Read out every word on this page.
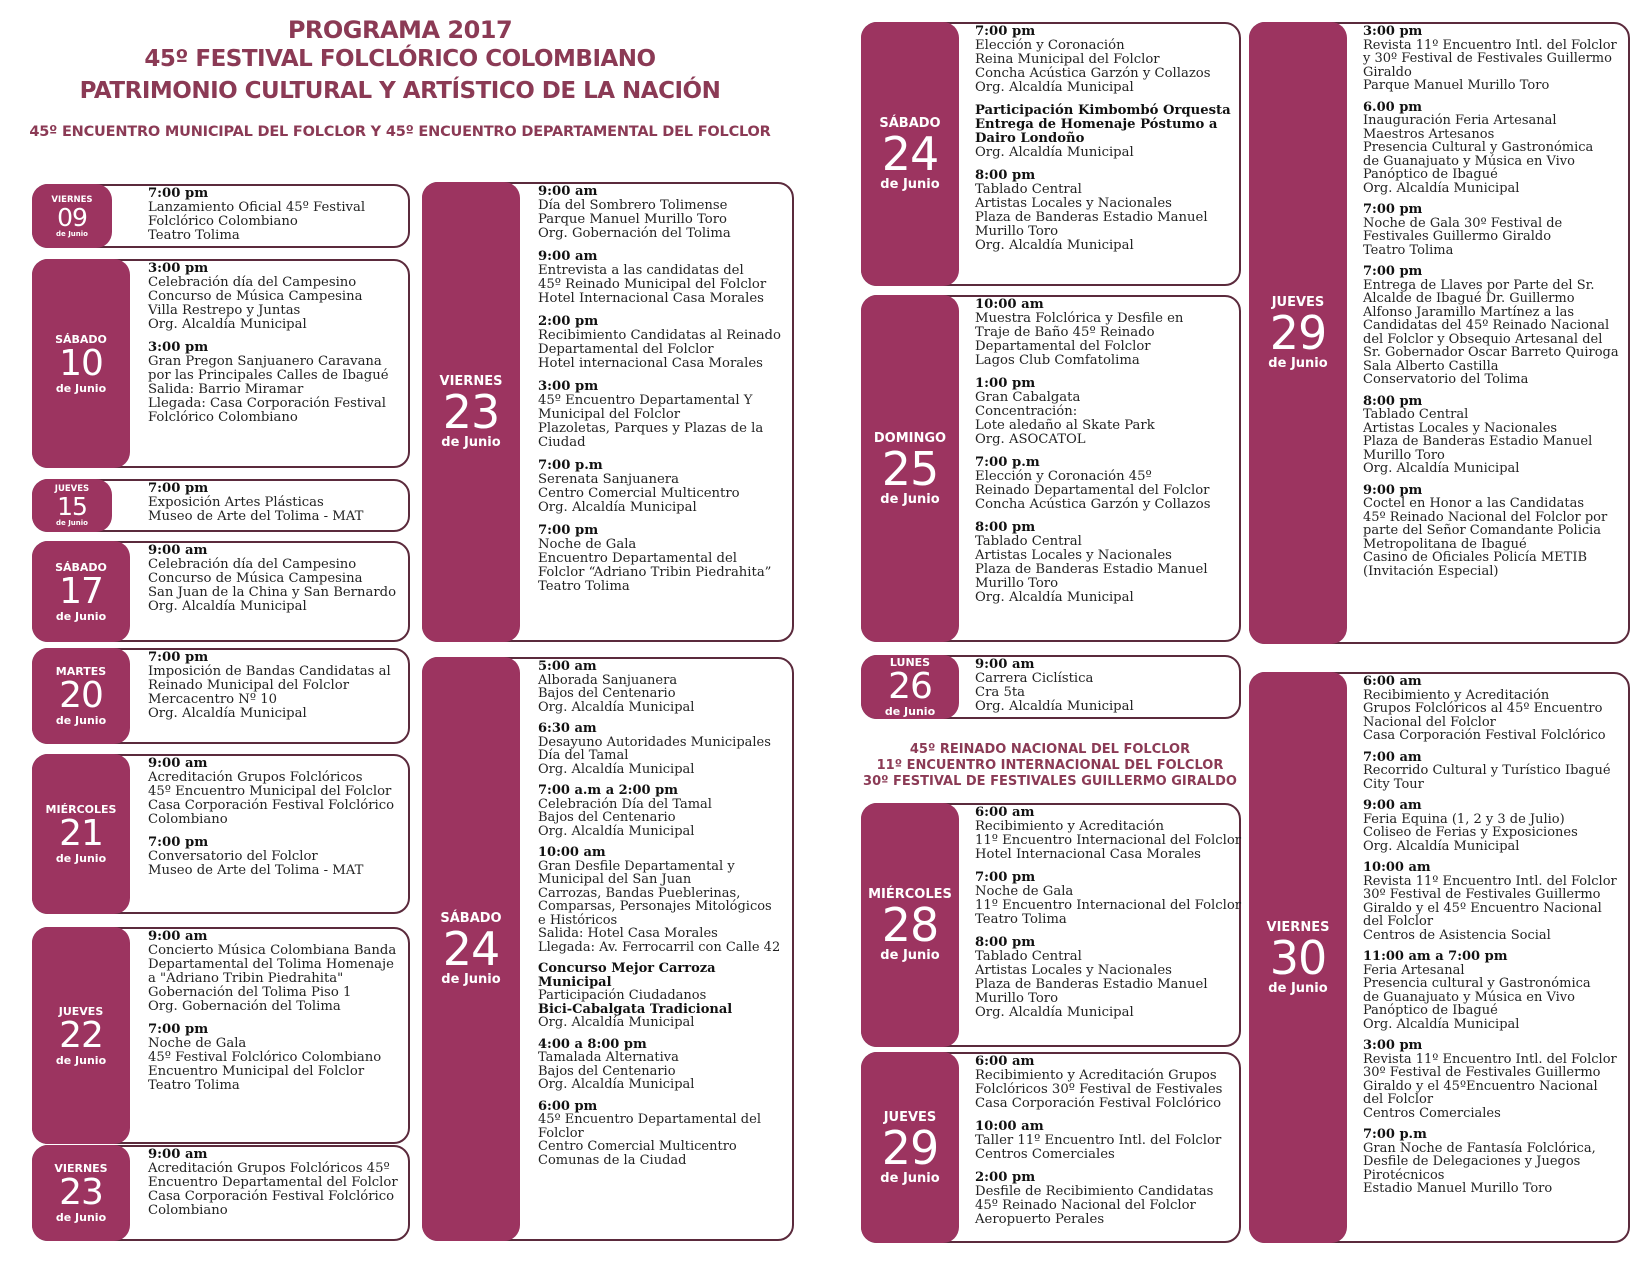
PROGRAMA 2017
45º FESTIVAL FOLCLÓRICO COLOMBIANO
PATRIMONIO CULTURAL Y ARTÍSTICO DE LA NACIÓN
45º ENCUENTRO MUNICIPAL DEL FOLCLOR Y 45º ENCUENTRO DEPARTAMENTAL DEL FOLCLOR
45º REINADO NACIONAL DEL FOLCLOR
11º ENCUENTRO INTERNACIONAL DEL FOLCLOR
30º FESTIVAL DE FESTIVALES GUILLERMO GIRALDO
VIERNES
09
de Junio
7:00 pm
Lanzamiento Oficial 45º Festival
Folclórico Colombiano
Teatro Tolima
SÁBADO
10
de Junio
3:00 pm
Celebración día del Campesino
Concurso de Música Campesina
Villa Restrepo y Juntas
Org. Alcaldía Municipal
3:00 pm
Gran Pregon Sanjuanero Caravana
por las Principales Calles de Ibagué
Salida: Barrio Miramar
Llegada: Casa Corporación Festival
Folclórico Colombiano
JUEVES
15
de Junio
7:00 pm
Exposición Artes Plásticas
Museo de Arte del Tolima - MAT
SÁBADO
17
de Junio
9:00 am
Celebración día del Campesino
Concurso de Música Campesina
San Juan de la China y San Bernardo
Org. Alcaldía Municipal
MARTES
20
de Junio
7:00 pm
Imposición de Bandas Candidatas al
Reinado Municipal del Folclor
Mercacentro Nº 10
Org. Alcaldía Municipal
MIÉRCOLES
21
de Junio
9:00 am
Acreditación Grupos Folclóricos
45º Encuentro Municipal del Folclor
Casa Corporación Festival Folclórico
Colombiano
7:00 pm
Conversatorio del Folclor
Museo de Arte del Tolima - MAT
JUEVES
22
de Junio
9:00 am
Concierto Música Colombiana Banda
Departamental del Tolima Homenaje
a "Adriano Tribin Piedrahita"
Gobernación del Tolima Piso 1
Org. Gobernación del Tolima
7:00 pm
Noche de Gala
45º Festival Folclórico Colombiano
Encuentro Municipal del Folclor
Teatro Tolima
VIERNES
23
de Junio
9:00 am
Acreditación Grupos Folclóricos 45º
Encuentro Departamental del Folclor
Casa Corporación Festival Folclórico
Colombiano
VIERNES
23
de Junio
9:00 am
Día del Sombrero Tolimense
Parque Manuel Murillo Toro
Org. Gobernación del Tolima
9:00 am
Entrevista a las candidatas del
45º Reinado Municipal del Folclor
Hotel Internacional Casa Morales
2:00 pm
Recibimiento Candidatas al Reinado
Departamental del Folclor
Hotel internacional Casa Morales
3:00 pm
45º Encuentro Departamental Y
Municipal del Folclor
Plazoletas, Parques y Plazas de la
Ciudad
7:00 p.m
Serenata Sanjuanera
Centro Comercial Multicentro
Org. Alcaldía Municipal
7:00 pm
Noche de Gala
Encuentro Departamental del
Folclor “Adriano Tribin Piedrahita”
Teatro Tolima
SÁBADO
24
de Junio
5:00 am
Alborada Sanjuanera
Bajos del Centenario
Org. Alcaldía Municipal
6:30 am
Desayuno Autoridades Municipales
Día del Tamal
Org. Alcaldía Municipal
7:00 a.m a 2:00 pm
Celebración Día del Tamal
Bajos del Centenario
Org. Alcaldía Municipal
10:00 am
Gran Desfile Departamental y
Municipal del San Juan
Carrozas, Bandas Pueblerinas,
Comparsas, Personajes Mitológicos
e Históricos
Salida: Hotel Casa Morales
Llegada: Av. Ferrocarril con Calle 42
Concurso Mejor Carroza Municipal
Participación Ciudadanos
Bici-Cabalgata Tradicional
Org. Alcaldía Municipal
4:00 a 8:00 pm
Tamalada Alternativa
Bajos del Centenario
Org. Alcaldía Municipal
6:00 pm
45º Encuentro Departamental del
Folclor
Centro Comercial Multicentro
Comunas de la Ciudad
SÁBADO
24
de Junio
7:00 pm
Elección y Coronación
Reina Municipal del Folclor
Concha Acústica Garzón y Collazos
Org. Alcaldía Municipal
Participación Kimbombó Orquesta
Entrega de Homenaje Póstumo a
Dairo Londoño
Org. Alcaldía Municipal
8:00 pm
Tablado Central
Artistas Locales y Nacionales
Plaza de Banderas Estadio Manuel
Murillo Toro
Org. Alcaldía Municipal
DOMINGO
25
de Junio
10:00 am
Muestra Folclórica y Desfile en
Traje de Baño 45º Reinado
Departamental del Folclor
Lagos Club Comfatolima
1:00 pm
Gran Cabalgata
Concentración:
Lote aledaño al Skate Park
Org. ASOCATOL
7:00 p.m
Elección y Coronación 45º
Reinado Departamental del Folclor
Concha Acústica Garzón y Collazos
8:00 pm
Tablado Central
Artistas Locales y Nacionales
Plaza de Banderas Estadio Manuel
Murillo Toro
Org. Alcaldía Municipal
LUNES
26
de Junio
9:00 am
Carrera Ciclística
Cra 5ta
Org. Alcaldía Municipal
MIÉRCOLES
28
de Junio
6:00 am
Recibimiento y Acreditación
11º Encuentro Internacional del Folclor
Hotel Internacional Casa Morales
7:00 pm
Noche de Gala
11º Encuentro Internacional del Folclor
Teatro Tolima
8:00 pm
Tablado Central
Artistas Locales y Nacionales
Plaza de Banderas Estadio Manuel
Murillo Toro
Org. Alcaldía Municipal
JUEVES
29
de Junio
6:00 am
Recibimiento y Acreditación Grupos
Folclóricos 30º Festival de Festivales
Casa Corporación Festival Folclórico
10:00 am
Taller 11º Encuentro Intl. del Folclor
Centros Comerciales
2:00 pm
Desfile de Recibimiento Candidatas
45º Reinado Nacional del Folclor
Aeropuerto Perales
JUEVES
29
de Junio
3:00 pm
Revista 11º Encuentro Intl. del Folclor
y 30º Festival de Festivales Guillermo
Giraldo
Parque Manuel Murillo Toro
6.00 pm
Inauguración Feria Artesanal
Maestros Artesanos
Presencia Cultural y Gastronómica
de Guanajuato y Música en Vivo
Panóptico de Ibagué
Org. Alcaldía Municipal
7:00 pm
Noche de Gala 30º Festival de
Festivales Guillermo Giraldo
Teatro Tolima
7:00 pm
Entrega de Llaves por Parte del Sr.
Alcalde de Ibagué Dr. Guillermo
Alfonso Jaramillo Martínez a las
Candidatas del 45º Reinado Nacional
del Folclor y Obsequio Artesanal del
Sr. Gobernador Oscar Barreto Quiroga
Sala Alberto Castilla
Conservatorio del Tolima
8:00 pm
Tablado Central
Artistas Locales y Nacionales
Plaza de Banderas Estadio Manuel
Murillo Toro
Org. Alcaldía Municipal
9:00 pm
Coctel en Honor a las Candidatas
45º Reinado Nacional del Folclor por
parte del Señor Comandante Policia
Metropolitana de Ibagué
Casino de Oficiales Policía METIB
(Invitación Especial)
VIERNES
30
de Junio
6:00 am
Recibimiento y Acreditación
Grupos Folclóricos al 45º Encuentro
Nacional del Folclor
Casa Corporación Festival Folclórico
7:00 am
Recorrido Cultural y Turístico Ibagué
City Tour
9:00 am
Feria Equina (1, 2 y 3 de Julio)
Coliseo de Ferias y Exposiciones
Org. Alcaldía Municipal
10:00 am
Revista 11º Encuentro Intl. del Folclor
30º Festival de Festivales Guillermo
Giraldo y el 45º Encuentro Nacional
del Folclor
Centros de Asistencia Social
11:00 am a 7:00 pm
Feria Artesanal
Presencia cultural y Gastronómica
de Guanajuato y Música en Vivo
Panóptico de Ibagué
Org. Alcaldía Municipal
3:00 pm
Revista 11º Encuentro Intl. del Folclor
30º Festival de Festivales Guillermo
Giraldo y el 45ºEncuentro Nacional
del Folclor
Centros Comerciales
7:00 p.m
Gran Noche de Fantasía Folclórica,
Desfile de Delegaciones y Juegos
Pirotécnicos
Estadio Manuel Murillo Toro
